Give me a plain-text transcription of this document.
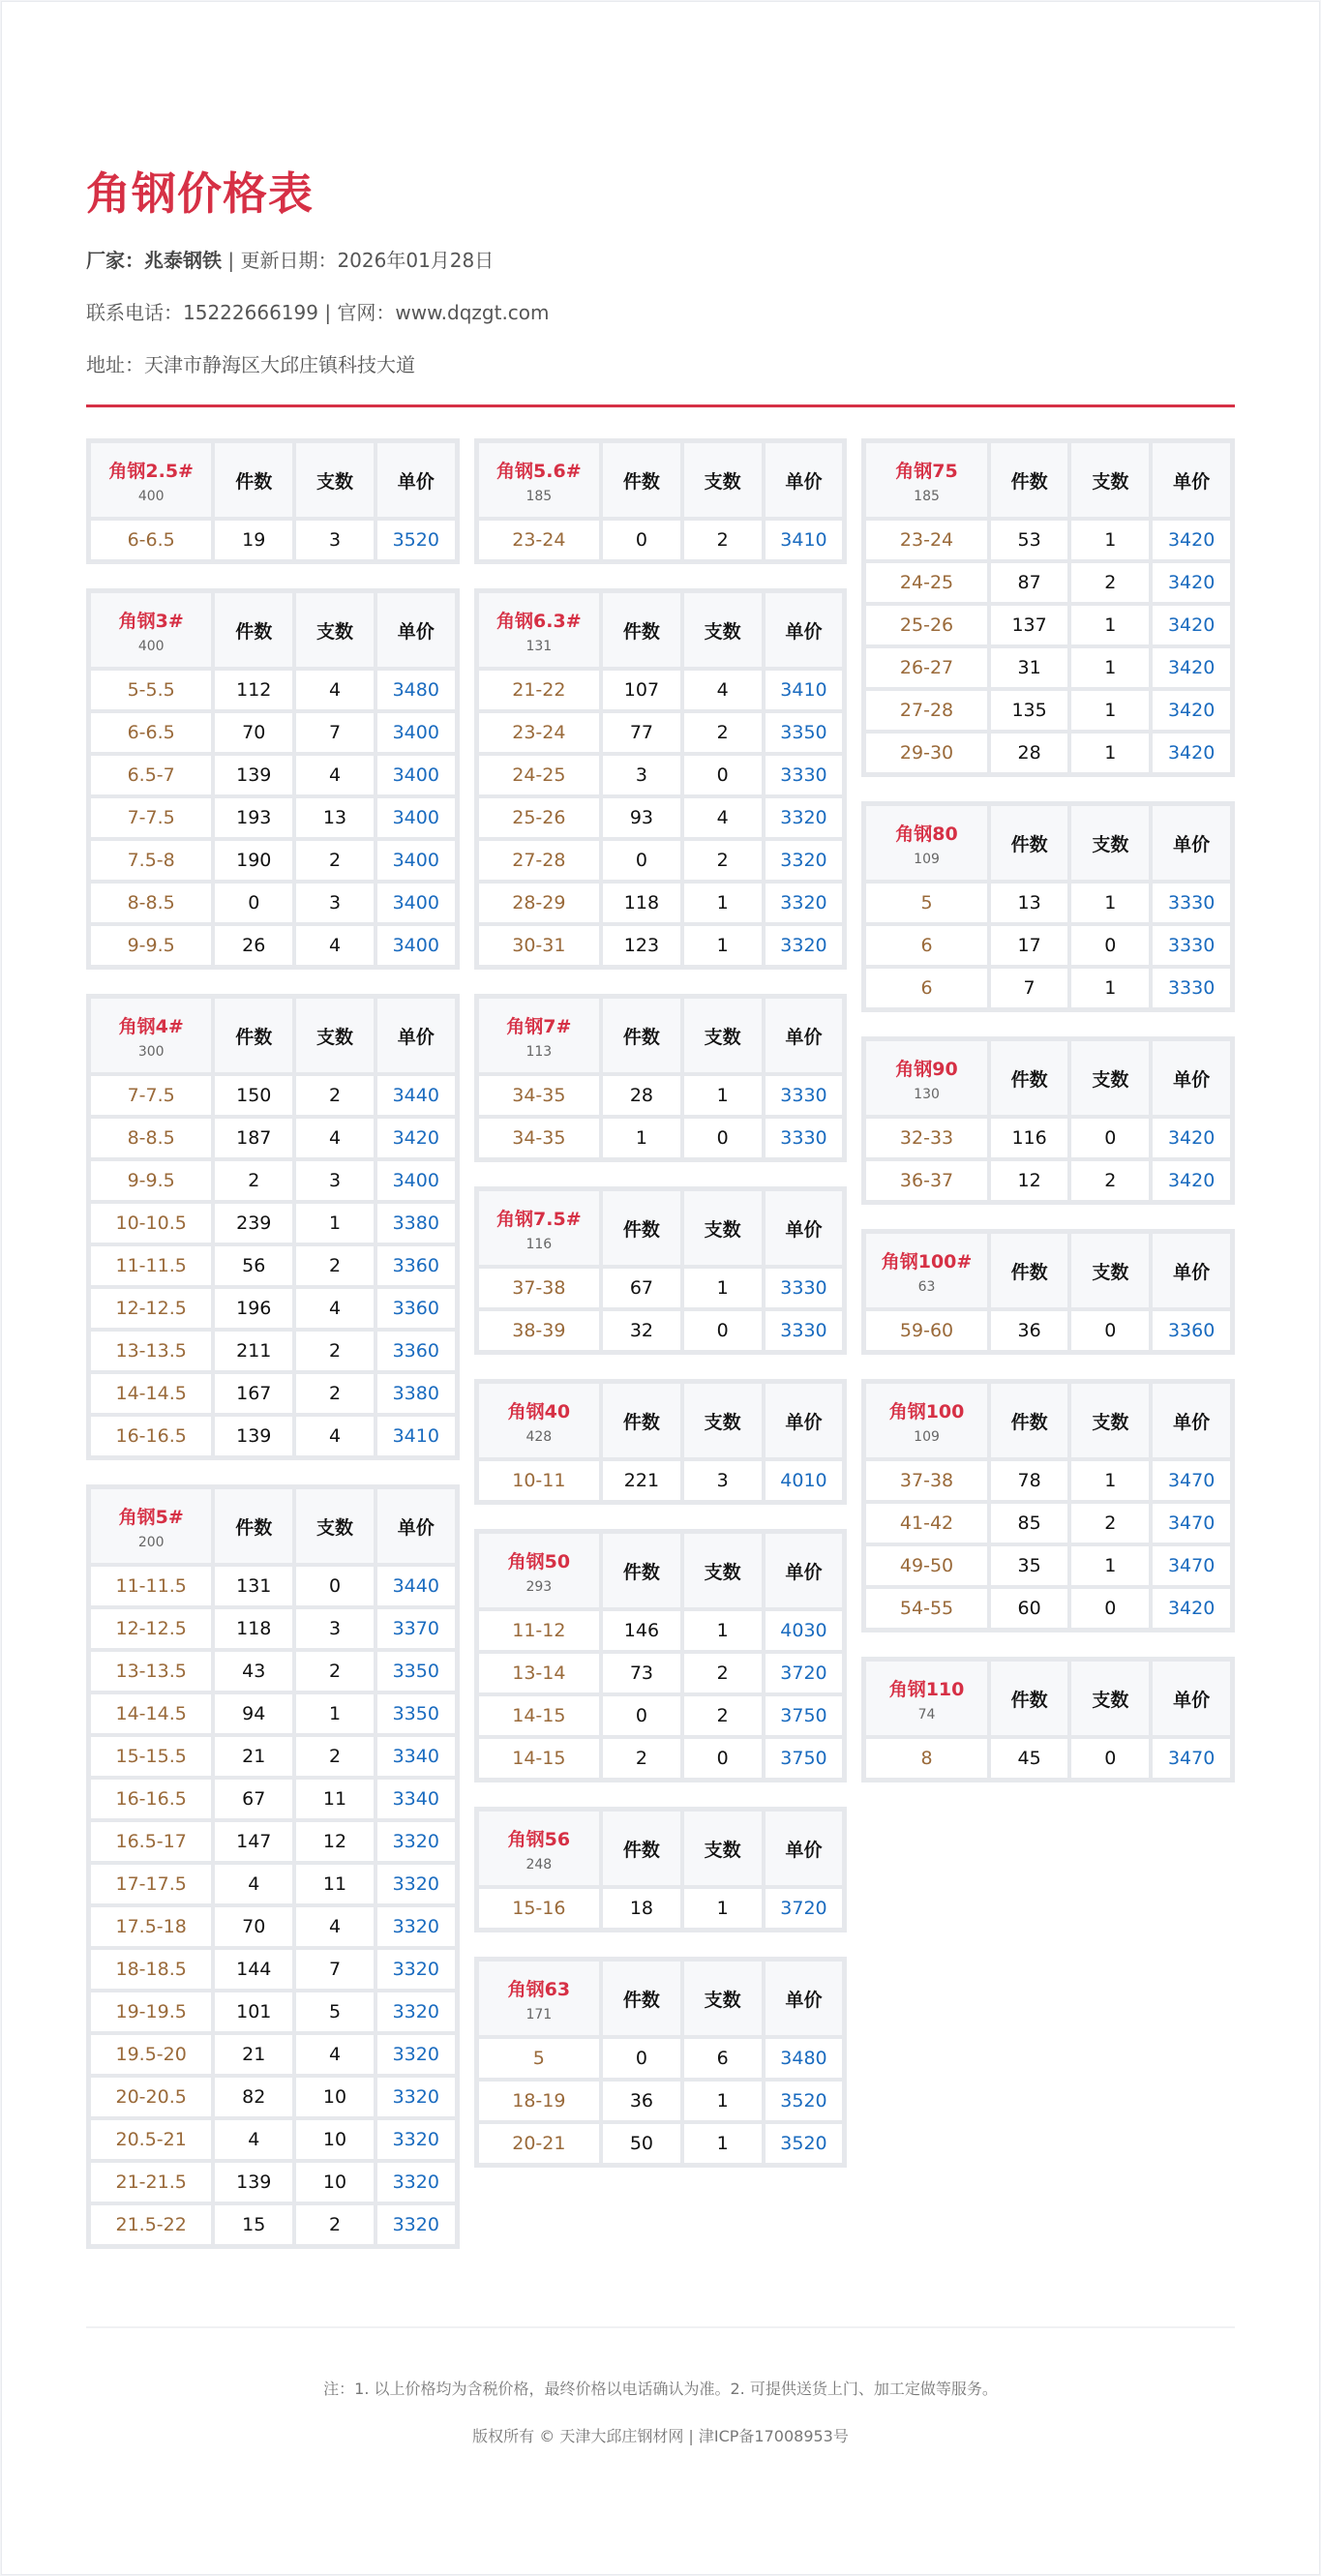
角钢价格表
厂家：兆泰钢铁 | 更新日期：2026年01月28日
联系电话：15222666199 | 官网：www.dqzgt.com
地址：天津市静海区大邱庄镇科技大道
角钢2.5#
400	件数	支数	单价
6-6.5	19	3	3520
角钢3#
400	件数	支数	单价
5-5.5	112	4	3480
6-6.5	70	7	3400
6.5-7	139	4	3400
7-7.5	193	13	3400
7.5-8	190	2	3400
8-8.5	0	3	3400
9-9.5	26	4	3400
角钢4#
300	件数	支数	单价
7-7.5	150	2	3440
8-8.5	187	4	3420
9-9.5	2	3	3400
10-10.5	239	1	3380
11-11.5	56	2	3360
12-12.5	196	4	3360
13-13.5	211	2	3360
14-14.5	167	2	3380
16-16.5	139	4	3410
角钢5#
200	件数	支数	单价
11-11.5	131	0	3440
12-12.5	118	3	3370
13-13.5	43	2	3350
14-14.5	94	1	3350
15-15.5	21	2	3340
16-16.5	67	11	3340
16.5-17	147	12	3320
17-17.5	4	11	3320
17.5-18	70	4	3320
18-18.5	144	7	3320
19-19.5	101	5	3320
19.5-20	21	4	3320
20-20.5	82	10	3320
20.5-21	4	10	3320
21-21.5	139	10	3320
21.5-22	15	2	3320
角钢5.6#
185	件数	支数	单价
23-24	0	2	3410
角钢6.3#
131	件数	支数	单价
21-22	107	4	3410
23-24	77	2	3350
24-25	3	0	3330
25-26	93	4	3320
27-28	0	2	3320
28-29	118	1	3320
30-31	123	1	3320
角钢7#
113	件数	支数	单价
34-35	28	1	3330
34-35	1	0	3330
角钢7.5#
116	件数	支数	单价
37-38	67	1	3330
38-39	32	0	3330
角钢40
428	件数	支数	单价
10-11	221	3	4010
角钢50
293	件数	支数	单价
11-12	146	1	4030
13-14	73	2	3720
14-15	0	2	3750
14-15	2	0	3750
角钢56
248	件数	支数	单价
15-16	18	1	3720
角钢63
171	件数	支数	单价
5	0	6	3480
18-19	36	1	3520
20-21	50	1	3520
角钢75
185	件数	支数	单价
23-24	53	1	3420
24-25	87	2	3420
25-26	137	1	3420
26-27	31	1	3420
27-28	135	1	3420
29-30	28	1	3420
角钢80
109	件数	支数	单价
5	13	1	3330
6	17	0	3330
6	7	1	3330
角钢90
130	件数	支数	单价
32-33	116	0	3420
36-37	12	2	3420
角钢100#
63	件数	支数	单价
59-60	36	0	3360
角钢100
109	件数	支数	单价
37-38	78	1	3470
41-42	85	2	3470
49-50	35	1	3470
54-55	60	0	3420
角钢110
74	件数	支数	单价
8	45	0	3470
注：1. 以上价格均为含税价格，最终价格以电话确认为准。2. 可提供送货上门、加工定做等服务。
版权所有 © 天津大邱庄钢材网 | 津ICP备17008953号
